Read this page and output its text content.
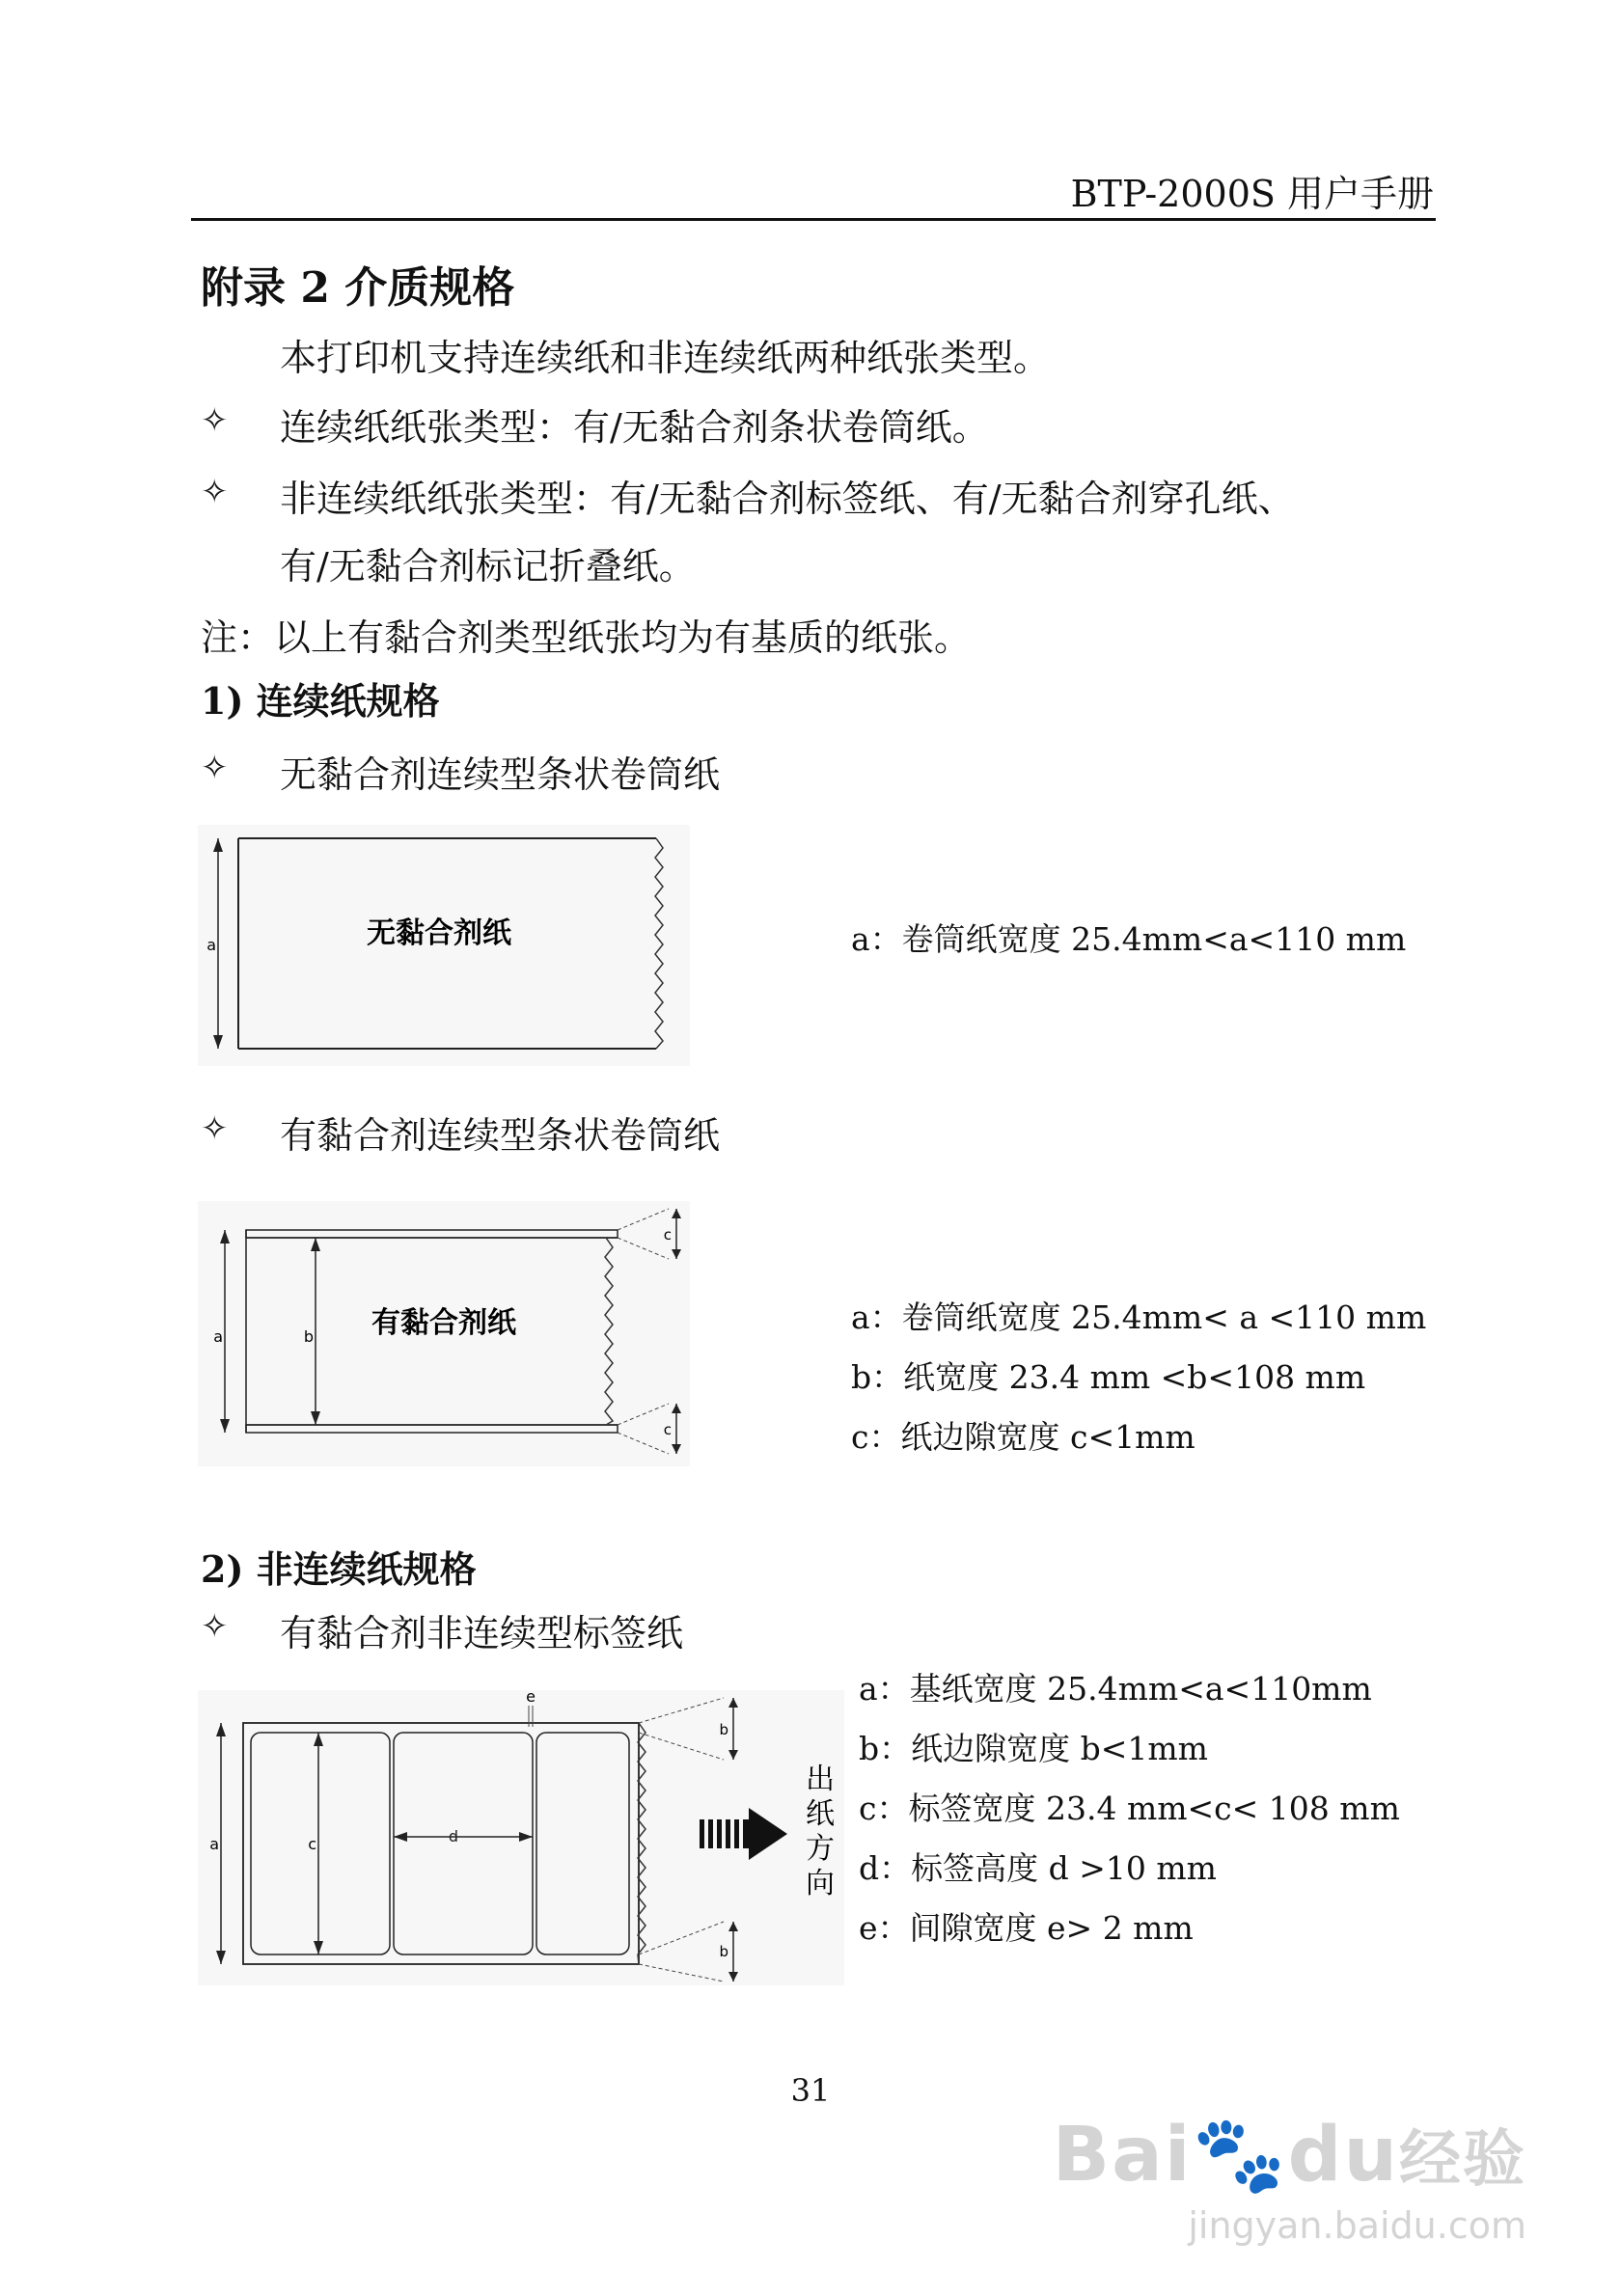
BTP-2000S 用户手册
附录 2 介质规格
本打印机支持连续纸和非连续纸两种纸张类型。
✧ 连续纸纸张类型：有/无黏合剂条状卷筒纸。
✧ 非连续纸纸张类型：有/无黏合剂标签纸、有/无黏合剂穿孔纸、
有/无黏合剂标记折叠纸。
注：以上有黏合剂类型纸张均为有基质的纸张。
1) 连续纸规格
✧ 无黏合剂连续型条状卷筒纸
a	无黏合剂纸	a：卷筒纸宽度 25.4mm<a<110 mm
✧ 有黏合剂连续型条状卷筒纸
c
c
a	b 有黏合剂纸	a：卷筒纸宽度 25.4mm< a <110 mm
b：纸宽度 23.4 mm <b<108 mm
c：纸边隙宽度 c<1mm
2) 非连续纸规格
✧ 有黏合剂非连续型标签纸
e
a	c	d
b
b
出
纸
方
向
a：基纸宽度 25.4mm<a<110mm
b：纸边隙宽度 b<1mm
c：标签宽度 23.4 mm<c< 108 mm
d：标签高度 d >10 mm
e：间隙宽度 e> 2 mm
31
Bai🐾du经验
jingyan.baidu.com
